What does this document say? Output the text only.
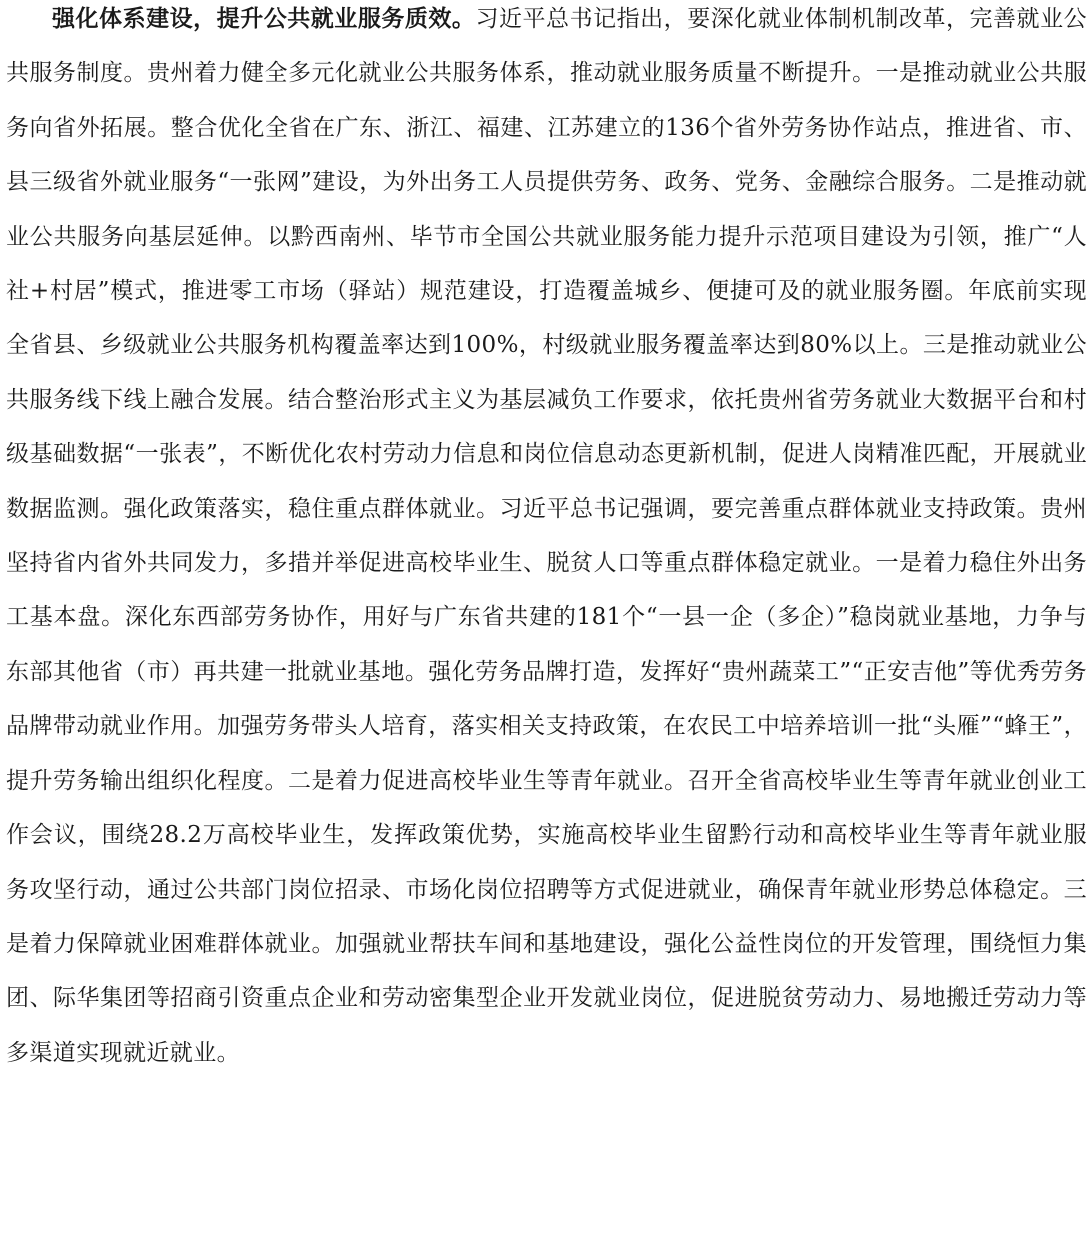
强化体系建设，提升公共就业服务质效。习近平总书记指出，要深化就业体制机制改革，完善就业公共服务制度。贵州着力健全多元化就业公共服务体系，推动就业服务质量不断提升。一是推动就业公共服务向省外拓展。整合优化全省在广东、浙江、福建、江苏建立的136个省外劳务协作站点，推进省、市、县三级省外就业服务“一张网”建设，为外出务工人员提供劳务、政务、党务、金融综合服务。二是推动就业公共服务向基层延伸。以黔西南州、毕节市全国公共就业服务能力提升示范项目建设为引领，推广“人社+村居”模式，推进零工市场（驿站）规范建设，打造覆盖城乡、便捷可及的就业服务圈。年底前实现全省县、乡级就业公共服务机构覆盖率达到100%，村级就业服务覆盖率达到80%以上。三是推动就业公共服务线下线上融合发展。结合整治形式主义为基层减负工作要求，依托贵州省劳务就业大数据平台和村级基础数据“一张表”，不断优化农村劳动力信息和岗位信息动态更新机制，促进人岗精准匹配，开展就业数据监测。强化政策落实，稳住重点群体就业。习近平总书记强调，要完善重点群体就业支持政策。贵州坚持省内省外共同发力，多措并举促进高校毕业生、脱贫人口等重点群体稳定就业。一是着力稳住外出务工基本盘。深化东西部劳务协作，用好与广东省共建的181个“一县一企（多企）”稳岗就业基地，力争与东部其他省（市）再共建一批就业基地。强化劳务品牌打造，发挥好“贵州蔬菜工”“正安吉他”等优秀劳务品牌带动就业作用。加强劳务带头人培育，落实相关支持政策，在农民工中培养培训一批“头雁”“蜂王”，提升劳务输出组织化程度。二是着力促进高校毕业生等青年就业。召开全省高校毕业生等青年就业创业工作会议，围绕28.2万高校毕业生，发挥政策优势，实施高校毕业生留黔行动和高校毕业生等青年就业服务攻坚行动，通过公共部门岗位招录、市场化岗位招聘等方式促进就业，确保青年就业形势总体稳定。三是着力保障就业困难群体就业。加强就业帮扶车间和基地建设，强化公益性岗位的开发管理，围绕恒力集团、际华集团等招商引资重点企业和劳动密集型企业开发就业岗位，促进脱贫劳动力、易地搬迁劳动力等多渠道实现就近就业。
